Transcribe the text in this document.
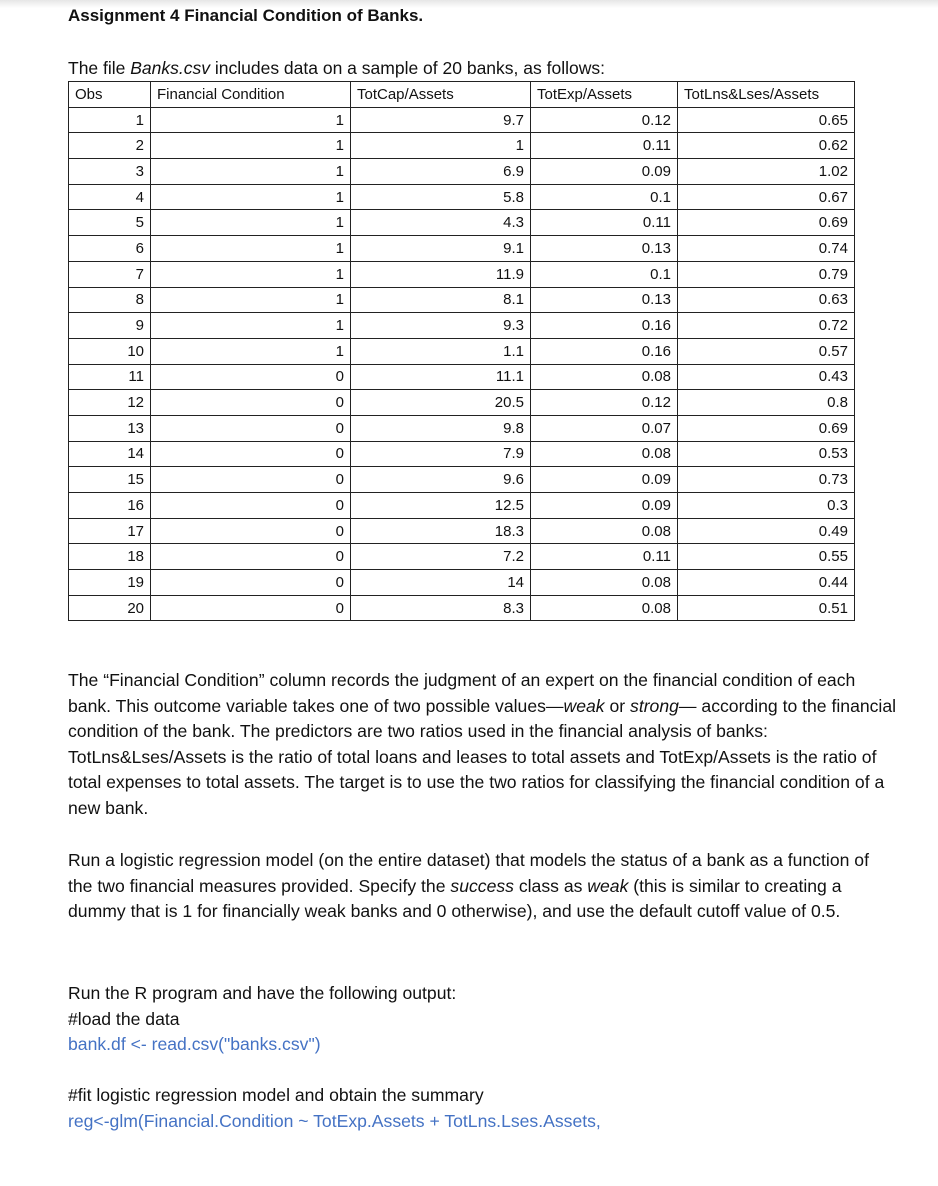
Assignment 4 Financial Condition of Banks.
The file Banks.csv includes data on a sample of 20 banks, as follows:
Obs	Financial Condition	TotCap/Assets	TotExp/Assets	TotLns&Lses/Assets
1	1	9.7	0.12	0.65
2	1	1	0.11	0.62
3	1	6.9	0.09	1.02
4	1	5.8	0.1	0.67
5	1	4.3	0.11	0.69
6	1	9.1	0.13	0.74
7	1	11.9	0.1	0.79
8	1	8.1	0.13	0.63
9	1	9.3	0.16	0.72
10	1	1.1	0.16	0.57
11	0	11.1	0.08	0.43
12	0	20.5	0.12	0.8
13	0	9.8	0.07	0.69
14	0	7.9	0.08	0.53
15	0	9.6	0.09	0.73
16	0	12.5	0.09	0.3
17	0	18.3	0.08	0.49
18	0	7.2	0.11	0.55
19	0	14	0.08	0.44
20	0	8.3	0.08	0.51
The “Financial Condition” column records the judgment of an expert on the financial condition of each bank. This outcome variable takes one of two possible values—weak or strong— according to the financial condition of the bank. The predictors are two ratios used in the financial analysis of banks: TotLns&Lses/Assets is the ratio of total loans and leases to total assets and TotExp/Assets is the ratio of total expenses to total assets. The target is to use the two ratios for classifying the financial condition of a new bank.
Run a logistic regression model (on the entire dataset) that models the status of a bank as a function of the two financial measures provided. Specify the success class as weak (this is similar to creating a dummy that is 1 for financially weak banks and 0 otherwise), and use the default cutoff value of 0.5.
Run the R program and have the following output:
#load the data
bank.df <- read.csv("banks.csv")
#fit logistic regression model and obtain the summary
reg<-glm(Financial.Condition ~ TotExp.Assets + TotLns.Lses.Assets,
